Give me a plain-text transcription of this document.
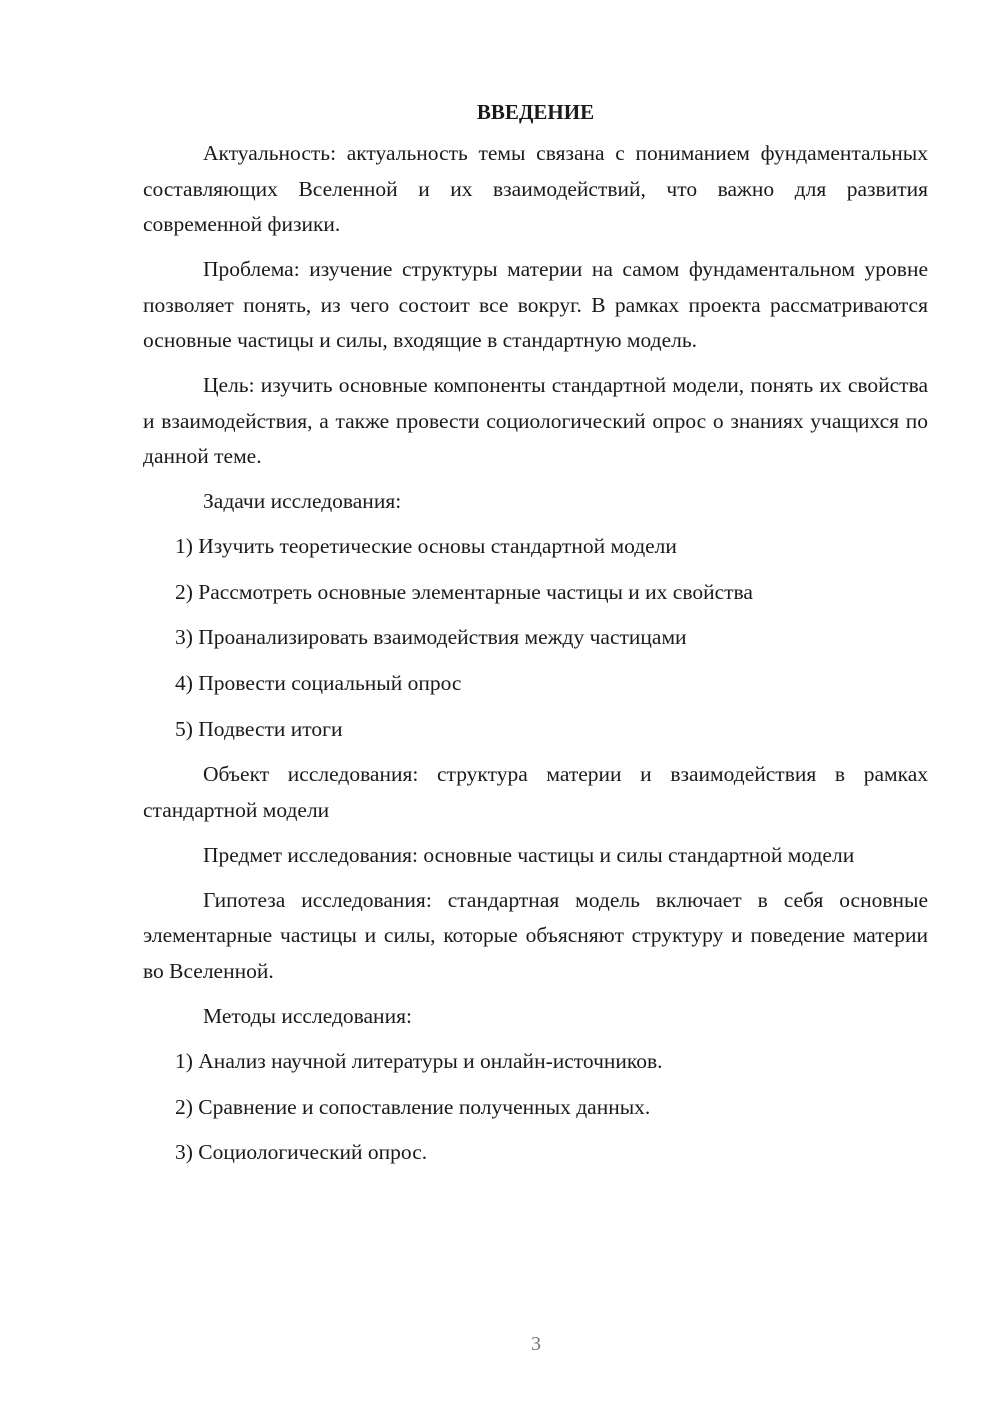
ВВЕДЕНИЕ

Актуальность: актуальность темы связана с пониманием фундаментальных составляющих Вселенной и их взаимодействий, что важно для развития современной физики.

Проблема: изучение структуры материи на самом фундаментальном уровне позволяет понять, из чего состоит все вокруг. В рамках проекта рассматриваются основные частицы и силы, входящие в стандартную модель.

Цель: изучить основные компоненты стандартной модели, понять их свойства и взаимодействия, а также провести социологический опрос о знаниях учащихся по данной теме.

Задачи исследования:

1) Изучить теоретические основы стандартной модели

2) Рассмотреть основные элементарные частицы и их свойства

3) Проанализировать взаимодействия между частицами

4) Провести социальный опрос

5) Подвести итоги

Объект исследования: структура материи и взаимодействия в рамках стандартной модели

Предмет исследования: основные частицы и силы стандартной модели

Гипотеза исследования: стандартная модель включает в себя основные элементарные частицы и силы, которые объясняют структуру и поведение материи во Вселенной.

Методы исследования:

1) Анализ научной литературы и онлайн-источников.

2) Сравнение и сопоставление полученных данных.

3) Социологический опрос.

3
